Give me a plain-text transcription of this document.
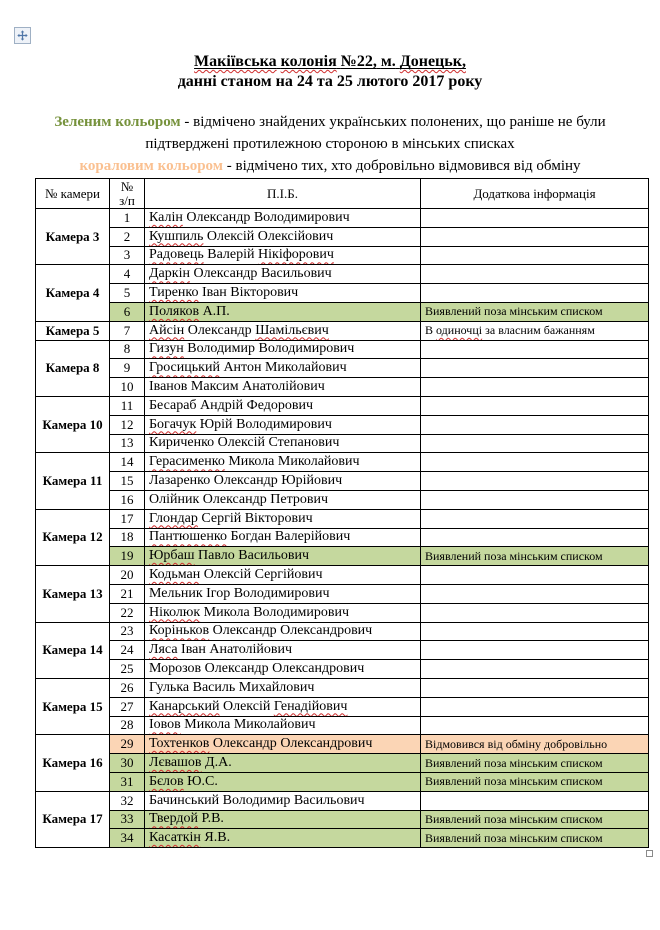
Макіївська колонія №22, м. Донецьк,
данні станом на 24 та 25 лютого 2017 року
Зеленим кольором - відмічено знайдених українських полонених, що раніше не були
підтверджені протилежною стороною в мінських списках
кораловим кольором - відмічено тих, хто добровільно відмовився від обміну
№ камери	№
з/п	П.І.Б.	Додаткова інформація
Камера 3	1	Калін Олександр Володимирович	
	2	Кушпиль Олексій Олексійович	
	3	Радовець Валерій Нікіфорович	
Камера 4	4	Даркін Олександр Васильович	
	5	Тиренко Іван Вікторович	
	6	Поляков А.П.	Виявлений поза мінським списком
Камера 5	7	Айсін Олександр Шамільєвич	В одиночці за власним бажанням
Камера 8	8	Гизун Володимир Володимирович	
	9	Гросицький Антон Миколайович	
	10	Іванов Максим Анатолійович	
Камера 10	11	Бесараб Андрій Федорович	
	12	Богачук Юрій Володимирович	
	13	Кириченко Олексій Степанович	
Камера 11	14	Герасименко Микола Миколайович	
	15	Лазаренко Олександр Юрійович	
	16	Олійник Олександр Петрович	
Камера 12	17	Глондар Сергій Вікторович	
	18	Пантюшенко Богдан Валерійович	
	19	Юрбаш Павло Васильович	Виявлений поза мінським списком
Камера 13	20	Кодьман Олексій Сергійович	
	21	Мельник Ігор Володимирович	
	22	Ніколюк Микола Володимирович	
Камера 14	23	Коріньков Олександр Олександрович	
	24	Ляса Іван Анатолійович	
	25	Морозов Олександр Олександрович	
Камера 15	26	Гулька Василь Михайлович	
	27	Канарський Олексій Генадійович	
	28	Іовов Микола Миколайович	
Камера 16	29	Тохтенков Олександр Олександрович	Відмовився від обміну добровільно
	30	Лєвашов Д.А.	Виявлений поза мінським списком
	31	Бєлов Ю.С.	Виявлений поза мінським списком
Камера 17	32	Бачинський Володимир Васильович	
	33	Твердой Р.В.	Виявлений поза мінським списком
	34	Касаткін Я.В.	Виявлений поза мінським списком
